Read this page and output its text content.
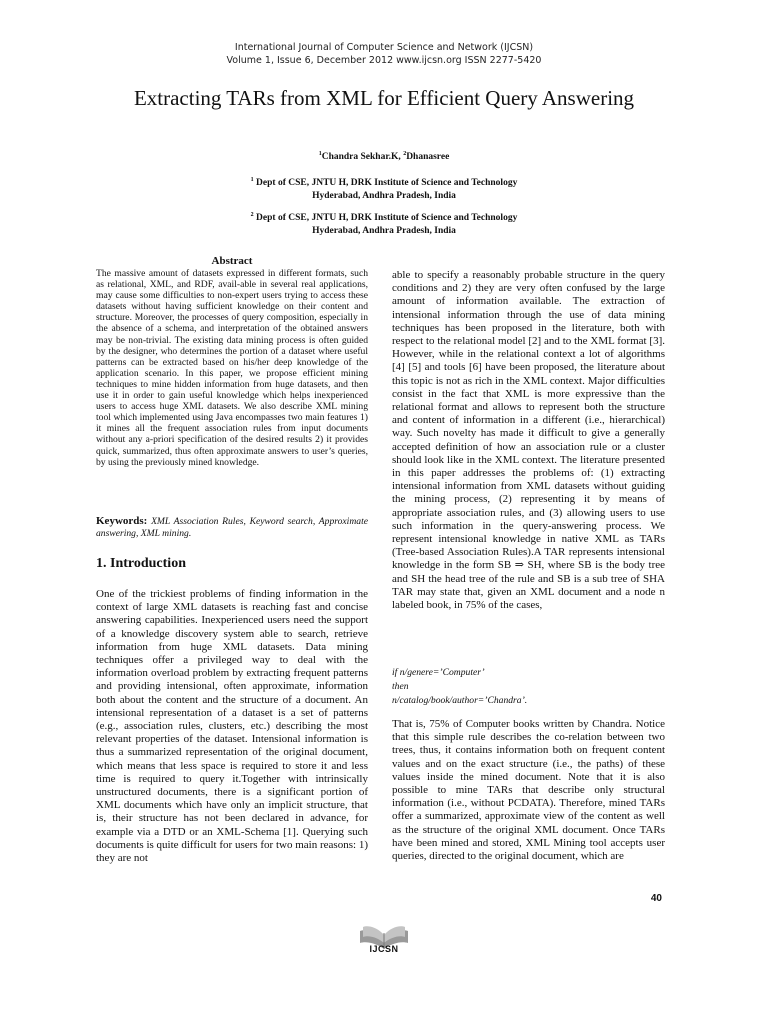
International Journal of Computer Science and Network (IJCSN)
Volume 1, Issue 6, December 2012 www.ijcsn.org ISSN 2277-5420
Extracting TARs from XML for Efficient Query Answering
$^1$Chandra Sekhar.K, $^2$Dhanasree
$^1$ Dept of CSE, JNTU H, DRK Institute of Science and Technology
Hyderabad, Andhra Pradesh, India
$^2$ Dept of CSE, JNTU H, DRK Institute of Science and Technology
Hyderabad, Andhra Pradesh, India
Abstract

The massive amount of datasets expressed in different formats, such as relational, XML, and RDF, avail-able in several real applications, may cause some difficulties to non-expert users trying to access these datasets without having sufficient knowledge on their content and structure. Moreover, the processes of query composition, especially in the absence of a schema, and interpretation of the obtained answers may be non-trivial. The existing data mining process is often guided by the designer, who determines the portion of a dataset where useful patterns can be extracted based on his/her deep knowledge of the application scenario. In this paper, we propose efficient mining techniques to mine hidden information from huge datasets, and then use it in order to gain useful knowledge which helps inexperienced users to access huge XML datasets. We also describe XML mining tool which implemented using Java encompasses two main features 1) it mines all the frequent association rules from input documents without any a-priori specification of the desired results 2) it provides quick, summarized, thus often approximate answers to user’s queries, by using the previously mined knowledge.

Keywords: XML Association Rules, Keyword search, Approximate answering, XML mining.
1. Introduction

One of the trickiest problems of finding information in the context of large XML datasets is reaching fast and concise answering capabilities. Inexperienced users need the support of a knowledge discovery system able to search, retrieve information from huge XML datasets. Data mining techniques offer a privileged way to deal with the information overload problem by extracting frequent patterns and providing intensional, often approximate, information both about the content and the structure of a document. An intensional representation of a dataset is a set of patterns (e.g., association rules, clusters, etc.) describing the most relevant properties of the dataset. Intensional information is thus a summarized representation of the original document, which means that less space is required to store it and less time is required to query it.Together with intrinsically unstructured documents, there is a significant portion of XML documents which have only an implicit structure, that is, their structure has not been declared in advance, for example via a DTD or an XML-Schema [1]. Querying such documents is quite difficult for users for two main reasons: 1) they are not

able to specify a reasonably probable structure in the query conditions and 2) they are very often confused by the large amount of information available. The extraction of intensional information through the use of data mining techniques has been proposed in the literature, both with respect to the relational model [2] and to the XML format [3]. However, while in the relational context a lot of algorithms [4] [5] and tools [6] have been proposed, the literature about this topic is not as rich in the XML context. Major difficulties consist in the fact that XML is more expressive than the relational format and allows to represent both the structure and content of information in a different (i.e., hierarchical) way. Such novelty has made it difficult to give a generally accepted definition of how an association rule or a cluster should look like in the XML context. The literature presented in this paper addresses the problems of: (1) extracting intensional information from XML datasets without guiding the mining process, (2) representing it by means of appropriate association rules, and (3) allowing users to use such information in the query-answering process. We represent intensional knowledge in native XML as TARs (Tree-based Association Rules).A TAR represents intensional knowledge in the form SB ⇒ SH, where SB is the body tree and SH the head tree of the rule and SB is a sub tree of SHA TAR may state that, given an XML document and a node n labeled book, in 75% of the cases,

if n/genere=’Computer’
then
n/catalog/book/author=’Chandra’.

That is, 75% of Computer books written by Chandra. Notice that this simple rule describes the co-relation between two trees, thus, it contains information both on frequent content values and on the exact structure (i.e., the paths) of these values inside the mined document. Note that it is also possible to mine TARs that describe only structural information (i.e., without PCDATA). Therefore, mined TARs offer a summarized, approximate view of the content as well as the structure of the original XML document. Once TARs have been mined and stored, XML Mining tool accepts user queries, directed to the original document, which are

40
IJCSN
